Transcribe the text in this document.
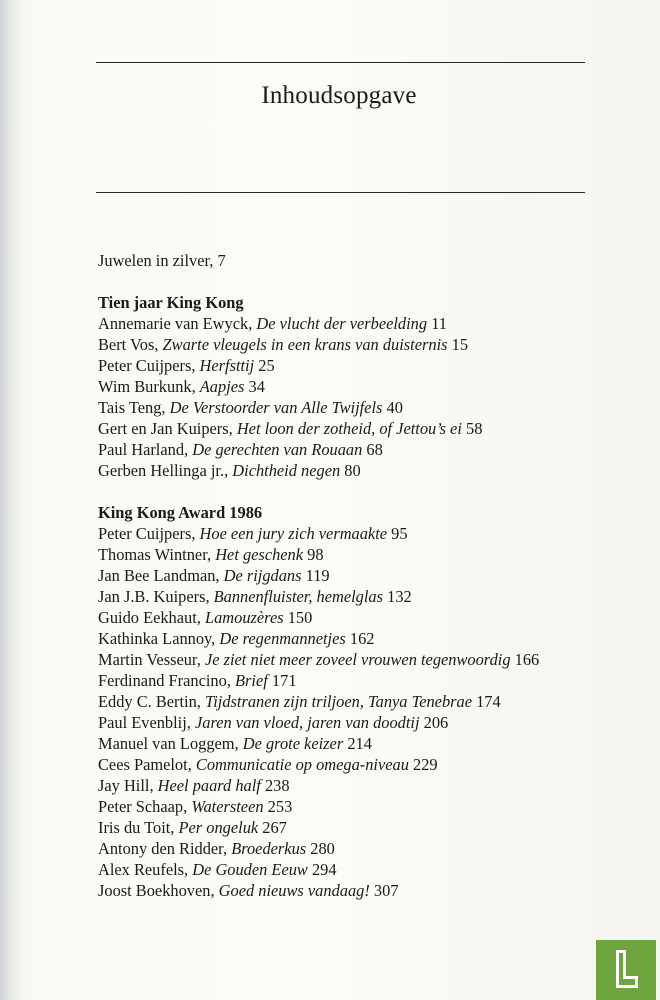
Inhoudsopgave
Juwelen in zilver, 7
Tien jaar King Kong
Annemarie van Ewyck, De vlucht der verbeelding 11
Bert Vos, Zwarte vleugels in een krans van duisternis 15
Peter Cuijpers, Herfsttij 25
Wim Burkunk, Aapjes 34
Tais Teng, De Verstoorder van Alle Twijfels 40
Gert en Jan Kuipers, Het loon der zotheid, of Jettou’s ei 58
Paul Harland, De gerechten van Rouaan 68
Gerben Hellinga jr., Dichtheid negen 80
King Kong Award 1986
Peter Cuijpers, Hoe een jury zich vermaakte 95
Thomas Wintner, Het geschenk 98
Jan Bee Landman, De rijgdans 119
Jan J.B. Kuipers, Bannenfluister, hemelglas 132
Guido Eekhaut, Lamouzères 150
Kathinka Lannoy, De regenmannetjes 162
Martin Vesseur, Je ziet niet meer zoveel vrouwen tegenwoordig 166
Ferdinand Francino, Brief 171
Eddy C. Bertin, Tijdstranen zijn triljoen, Tanya Tenebrae 174
Paul Evenblij, Jaren van vloed, jaren van doodtij 206
Manuel van Loggem, De grote keizer 214
Cees Pamelot, Communicatie op omega-niveau 229
Jay Hill, Heel paard half 238
Peter Schaap, Watersteen 253
Iris du Toit, Per ongeluk 267
Antony den Ridder, Broederkus 280
Alex Reufels, De Gouden Eeuw 294
Joost Boekhoven, Goed nieuws vandaag! 307
